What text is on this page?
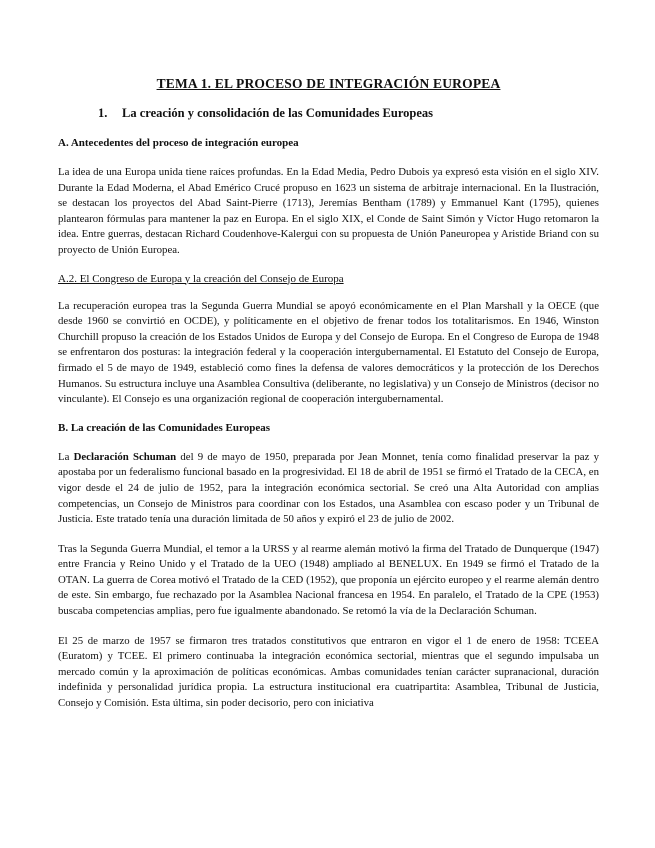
TEMA 1. EL PROCESO DE INTEGRACIÓN EUROPEA
1.	La creación y consolidación de las Comunidades Europeas
A. Antecedentes del proceso de integración europea

La idea de una Europa unida tiene raíces profundas. En la Edad Media, Pedro Dubois ya expresó esta visión en el siglo XIV. Durante la Edad Moderna, el Abad Emérico Crucé propuso en 1623 un sistema de arbitraje internacional. En la Ilustración, se destacan los proyectos del Abad Saint-Pierre (1713), Jeremías Bentham (1789) y Emmanuel Kant (1795), quienes plantearon fórmulas para mantener la paz en Europa. En el siglo XIX, el Conde de Saint Simón y Víctor Hugo retomaron la idea. Entre guerras, destacan Richard Coudenhove-Kalergui con su propuesta de Unión Paneuropea y Aristide Briand con su proyecto de Unión Europea.

A.2. El Congreso de Europa y la creación del Consejo de Europa

La recuperación europea tras la Segunda Guerra Mundial se apoyó económicamente en el Plan Marshall y la OECE (que desde 1960 se convirtió en OCDE), y políticamente en el objetivo de frenar todos los totalitarismos. En 1946, Winston Churchill propuso la creación de los Estados Unidos de Europa y del Consejo de Europa. En el Congreso de Europa de 1948 se enfrentaron dos posturas: la integración federal y la cooperación intergubernamental. El Estatuto del Consejo de Europa, firmado el 5 de mayo de 1949, estableció como fines la defensa de valores democráticos y la protección de los Derechos Humanos. Su estructura incluye una Asamblea Consultiva (deliberante, no legislativa) y un Consejo de Ministros (decisor no vinculante). El Consejo es una organización regional de cooperación intergubernamental.

B. La creación de las Comunidades Europeas

La Declaración Schuman del 9 de mayo de 1950, preparada por Jean Monnet, tenía como finalidad preservar la paz y apostaba por un federalismo funcional basado en la progresividad. El 18 de abril de 1951 se firmó el Tratado de la CECA, en vigor desde el 24 de julio de 1952, para la integración económica sectorial. Se creó una Alta Autoridad con amplias competencias, un Consejo de Ministros para coordinar con los Estados, una Asamblea con escaso poder y un Tribunal de Justicia. Este tratado tenía una duración limitada de 50 años y expiró el 23 de julio de 2002.

Tras la Segunda Guerra Mundial, el temor a la URSS y al rearme alemán motivó la firma del Tratado de Dunquerque (1947) entre Francia y Reino Unido y el Tratado de la UEO (1948) ampliado al BENELUX. En 1949 se firmó el Tratado de la OTAN. La guerra de Corea motivó el Tratado de la CED (1952), que proponía un ejército europeo y el rearme alemán dentro de este. Sin embargo, fue rechazado por la Asamblea Nacional francesa en 1954. En paralelo, el Tratado de la CPE (1953) buscaba competencias amplias, pero fue igualmente abandonado. Se retomó la vía de la Declaración Schuman.

El 25 de marzo de 1957 se firmaron tres tratados constitutivos que entraron en vigor el 1 de enero de 1958: TCEEA (Euratom) y TCEE. El primero continuaba la integración económica sectorial, mientras que el segundo impulsaba un mercado común y la aproximación de políticas económicas. Ambas comunidades tenían carácter supranacional, duración indefinida y personalidad jurídica propia. La estructura institucional era cuatripartita: Asamblea, Tribunal de Justicia, Consejo y Comisión. Esta última, sin poder decisorio, pero con iniciativa
